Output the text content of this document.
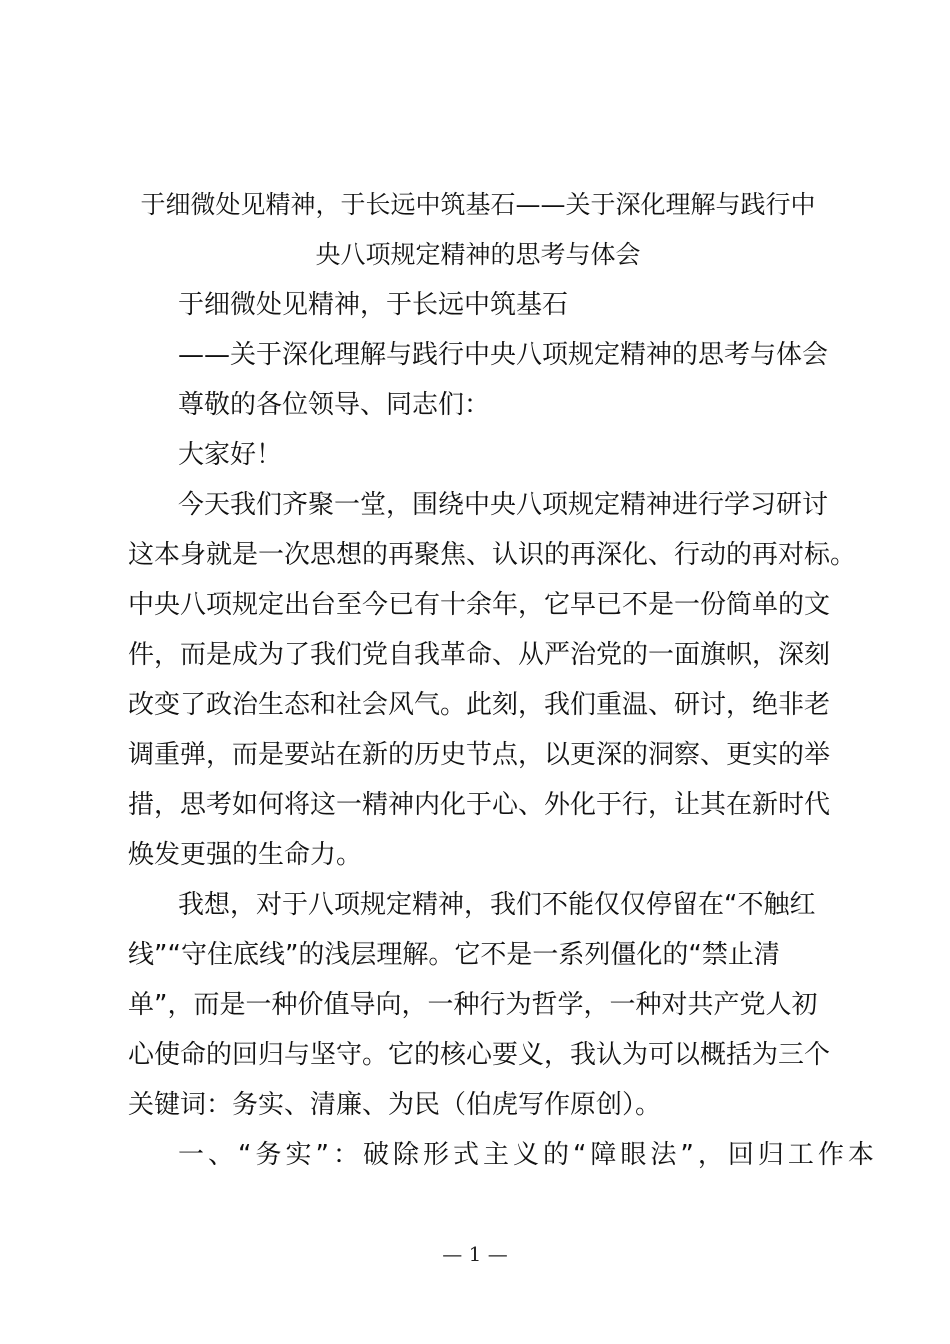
于细微处见精神，于长远中筑基石——关于深化理解与践行中
央八项规定精神的思考与体会
于细微处见精神，于长远中筑基石
——关于深化理解与践行中央八项规定精神的思考与体会
尊敬的各位领导、同志们：
大家好！
今天我们齐聚一堂，围绕中央八项规定精神进行学习研讨
这本身就是一次思想的再聚焦、认识的再深化、行动的再对标。
中央八项规定出台至今已有十余年，它早已不是一份简单的文
件，而是成为了我们党自我革命、从严治党的一面旗帜，深刻
改变了政治生态和社会风气。此刻，我们重温、研讨，绝非老
调重弹，而是要站在新的历史节点，以更深的洞察、更实的举
措，思考如何将这一精神内化于心、外化于行，让其在新时代
焕发更强的生命力。
我想，对于八项规定精神，我们不能仅仅停留在“不触红
线”“守住底线”的浅层理解。它不是一系列僵化的“禁止清
单”，而是一种价值导向，一种行为哲学，一种对共产党人初
心使命的回归与坚守。它的核心要义，我认为可以概括为三个
关键词：务实、清廉、为民（伯虎写作原创）。
一、“务实”：破除形式主义的“障眼法”，回归工作本
— 1 —
